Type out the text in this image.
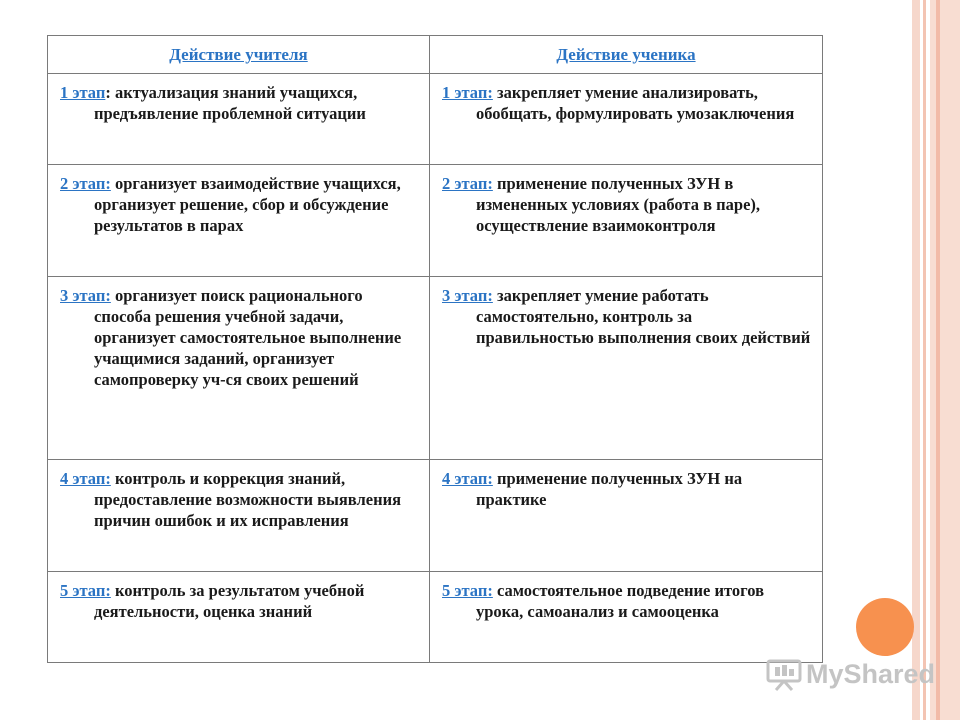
Действие учителя	Действие ученика

1 этап: актуализация знаний учащихся, предъявление проблемной ситуации	1 этап: закрепляет умение анализировать, обобщать, формулировать умозаключения

2 этап: организует взаимодействие учащихся, организует решение, сбор и обсуждение результатов в парах	2 этап: применение полученных ЗУН в измененных условиях (работа в паре), осуществление взаимоконтроля

3 этап: организует поиск рационального способа решения учебной задачи, организует самостоятельное выполнение учащимися заданий, организует самопроверку уч-ся своих решений	3 этап: закрепляет умение работать самостоятельно, контроль за правильностью выполнения своих действий

4 этап: контроль и коррекция знаний, предоставление возможности выявления причин ошибок и их исправления	4 этап: применение полученных ЗУН на практике

5 этап: контроль за результатом учебной деятельности, оценка знаний	5 этап: самостоятельное подведение итогов урока, самоанализ и самооценка
MyShared
